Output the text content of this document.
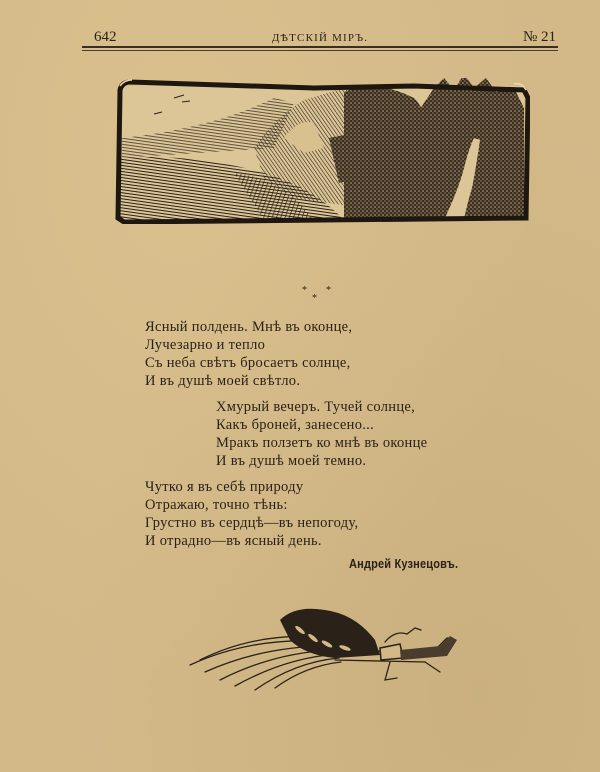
642	ДѢТСКІЙ МІРЪ.	№ 21
*
*
*
Ясный полдень. Мнѣ въ оконце,
Лучезарно и тепло
Съ неба свѣтъ бросаетъ солнце,
И въ душѣ моей свѣтло.
Хмурый вечеръ. Тучей солнце,
Какъ броней, занесено...
Мракъ ползетъ ко мнѣ въ оконце
И въ душѣ моей темно.
Чутко я въ себѣ природу
Отражаю, точно тѣнь:
Грустно въ сердцѣ—въ непогоду,
И отрадно—въ ясный день.
Андрей Кузнецовъ.
